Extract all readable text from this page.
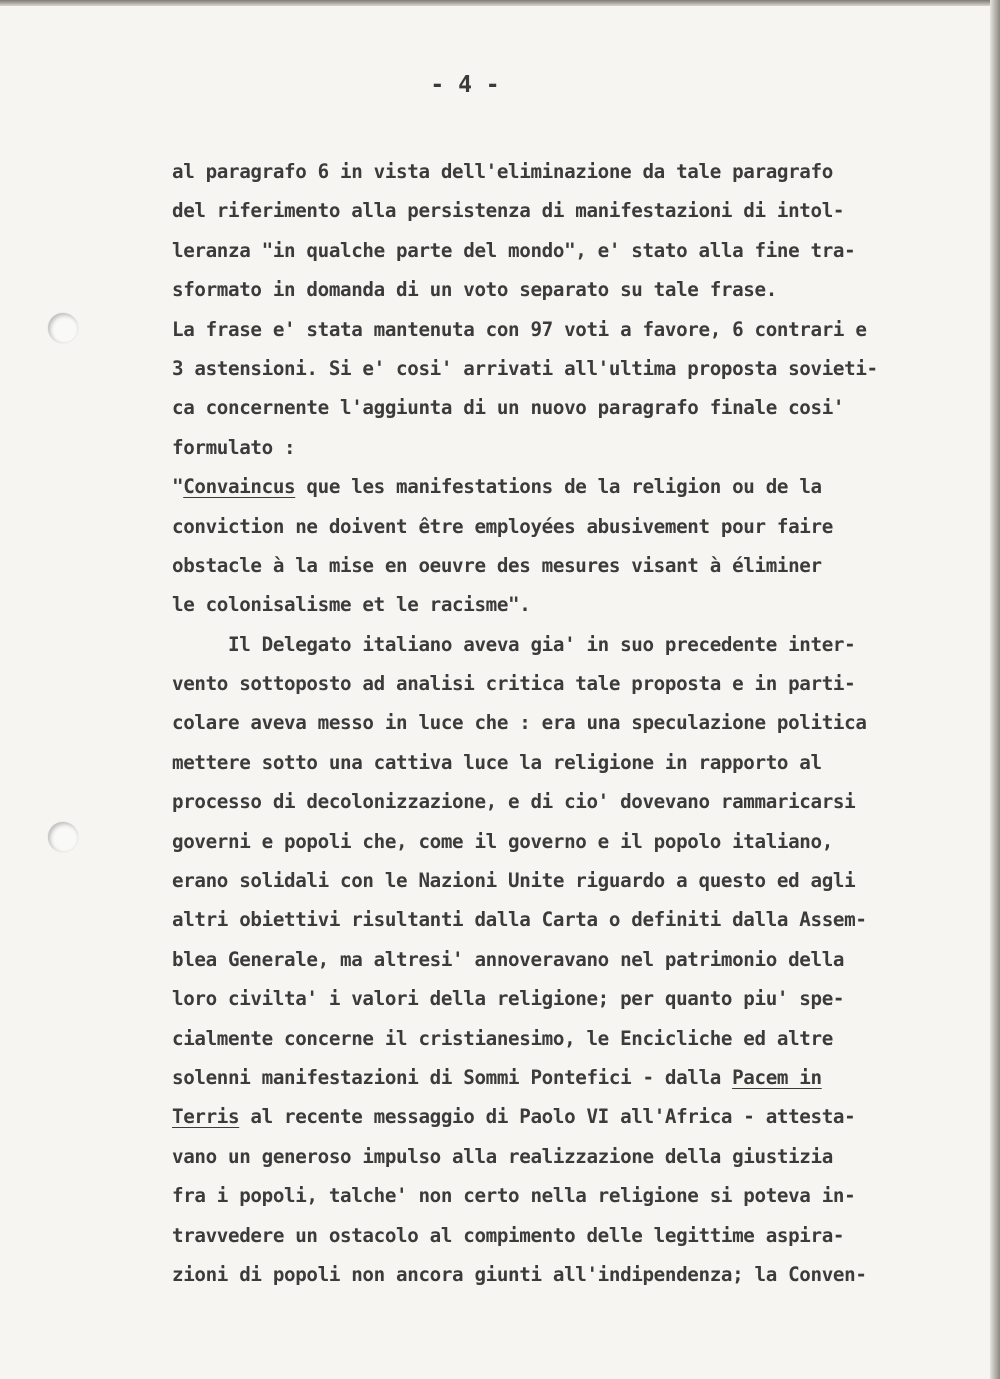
- 4 -
al paragrafo 6 in vista dell'eliminazione da tale paragrafo
del riferimento alla persistenza di manifestazioni di intol-
leranza "in qualche parte del mondo", e' stato alla fine tra-
sformato in domanda di un voto separato su tale frase.
La frase e' stata mantenuta con 97 voti a favore, 6 contrari e
3 astensioni. Si e' cosi' arrivati all'ultima proposta sovieti-
ca concernente l'aggiunta di un nuovo paragrafo finale cosi'
formulato :
"Convaincus que les manifestations de la religion ou de la
conviction ne doivent être employées abusivement pour faire
obstacle à la mise en oeuvre des mesures visant à éliminer
le colonisalisme et le racisme".
Il Delegato italiano aveva gia' in suo precedente inter-
vento sottoposto ad analisi critica tale proposta e in parti-
colare aveva messo in luce che : era una speculazione politica
mettere sotto una cattiva luce la religione in rapporto al
processo di decolonizzazione, e di cio' dovevano rammaricarsi
governi e popoli che, come il governo e il popolo italiano,
erano solidali con le Nazioni Unite riguardo a questo ed agli
altri obiettivi risultanti dalla Carta o definiti dalla Assem-
blea Generale, ma altresi' annoveravano nel patrimonio della
loro civilta' i valori della religione; per quanto piu' spe-
cialmente concerne il cristianesimo, le Encicliche ed altre
solenni manifestazioni di Sommi Pontefici - dalla Pacem in
Terris al recente messaggio di Paolo VI all'Africa - attesta-
vano un generoso impulso alla realizzazione della giustizia
fra i popoli, talche' non certo nella religione si poteva in-
travvedere un ostacolo al compimento delle legittime aspira-
zioni di popoli non ancora giunti all'indipendenza; la Conven-
